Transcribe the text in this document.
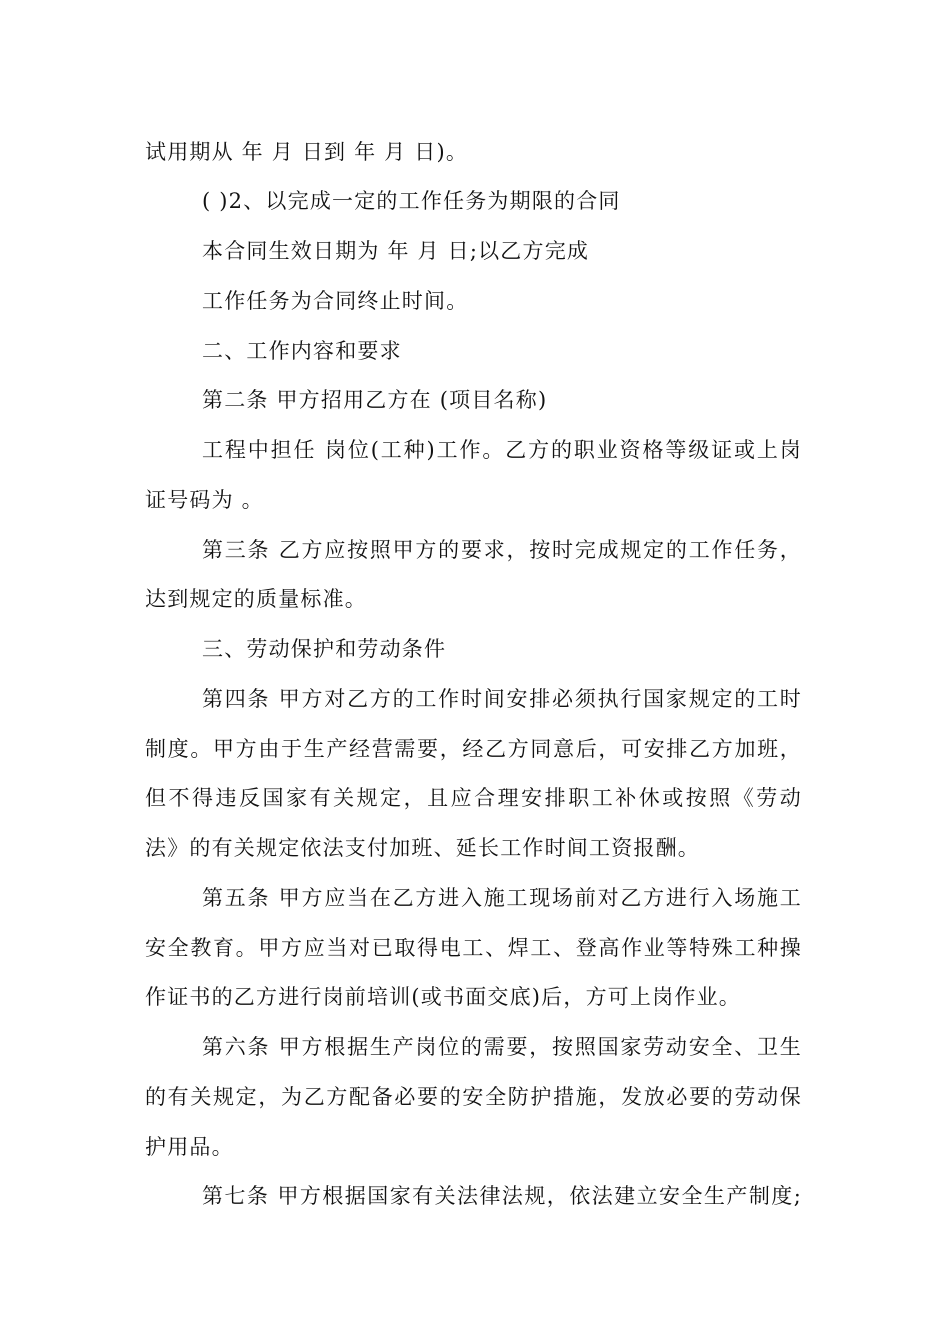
试用期从 年 月 日到 年 月 日)。
( )2、以完成一定的工作任务为期限的合同
本合同生效日期为 年 月 日;以乙方完成
工作任务为合同终止时间。
二、工作内容和要求
第二条 甲方招用乙方在 (项目名称)
工程中担任 岗位(工种)工作。乙方的职业资格等级证或上岗
证号码为 。
第三条 乙方应按照甲方的要求，按时完成规定的工作任务，
达到规定的质量标准。
三、劳动保护和劳动条件
第四条 甲方对乙方的工作时间安排必须执行国家规定的工时
制度。甲方由于生产经营需要，经乙方同意后，可安排乙方加班，
但不得违反国家有关规定，且应合理安排职工补休或按照《劳动
法》的有关规定依法支付加班、延长工作时间工资报酬。
第五条 甲方应当在乙方进入施工现场前对乙方进行入场施工
安全教育。甲方应当对已取得电工、焊工、登高作业等特殊工种操
作证书的乙方进行岗前培训(或书面交底)后，方可上岗作业。
第六条 甲方根据生产岗位的需要，按照国家劳动安全、卫生
的有关规定，为乙方配备必要的安全防护措施，发放必要的劳动保
护用品。
第七条 甲方根据国家有关法律法规，依法建立安全生产制度;
